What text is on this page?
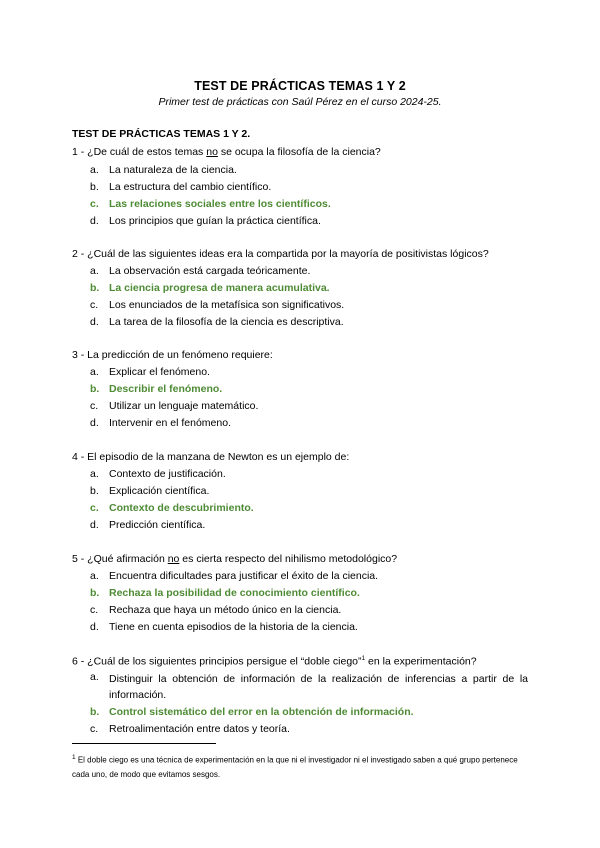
TEST DE PRÁCTICAS TEMAS 1 Y 2
Primer test de prácticas con Saúl Pérez en el curso 2024-25.
TEST DE PRÁCTICAS TEMAS 1 Y 2.
1 - ¿De cuál de estos temas no se ocupa la filosofía de la ciencia?
a. La naturaleza de la ciencia.
b. La estructura del cambio científico.
c. Las relaciones sociales entre los científicos.
d. Los principios que guían la práctica científica.
2 - ¿Cuál de las siguientes ideas era la compartida por la mayoría de positivistas lógicos?
a. La observación está cargada teóricamente.
b. La ciencia progresa de manera acumulativa.
c. Los enunciados de la metafísica son significativos.
d. La tarea de la filosofía de la ciencia es descriptiva.
3 - La predicción de un fenómeno requiere:
a. Explicar el fenómeno.
b. Describir el fenómeno.
c. Utilizar un lenguaje matemático.
d. Intervenir en el fenómeno.
4 - El episodio de la manzana de Newton es un ejemplo de:
a. Contexto de justificación.
b. Explicación científica.
c. Contexto de descubrimiento.
d. Predicción científica.
5 - ¿Qué afirmación no es cierta respecto del nihilismo metodológico?
a. Encuentra dificultades para justificar el éxito de la ciencia.
b. Rechaza la posibilidad de conocimiento científico.
c. Rechaza que haya un método único en la ciencia.
d. Tiene en cuenta episodios de la historia de la ciencia.
6 - ¿Cuál de los siguientes principios persigue el “doble ciego”$^1$ en la experimentación?
a. Distinguir la obtención de información de la realización de inferencias a partir de la información.
b. Control sistemático del error en la obtención de información.
c. Retroalimentación entre datos y teoría.
$^1$ El doble ciego es una técnica de experimentación en la que ni el investigador ni el investigado saben a qué grupo pertenece cada uno, de modo que evitamos sesgos.
